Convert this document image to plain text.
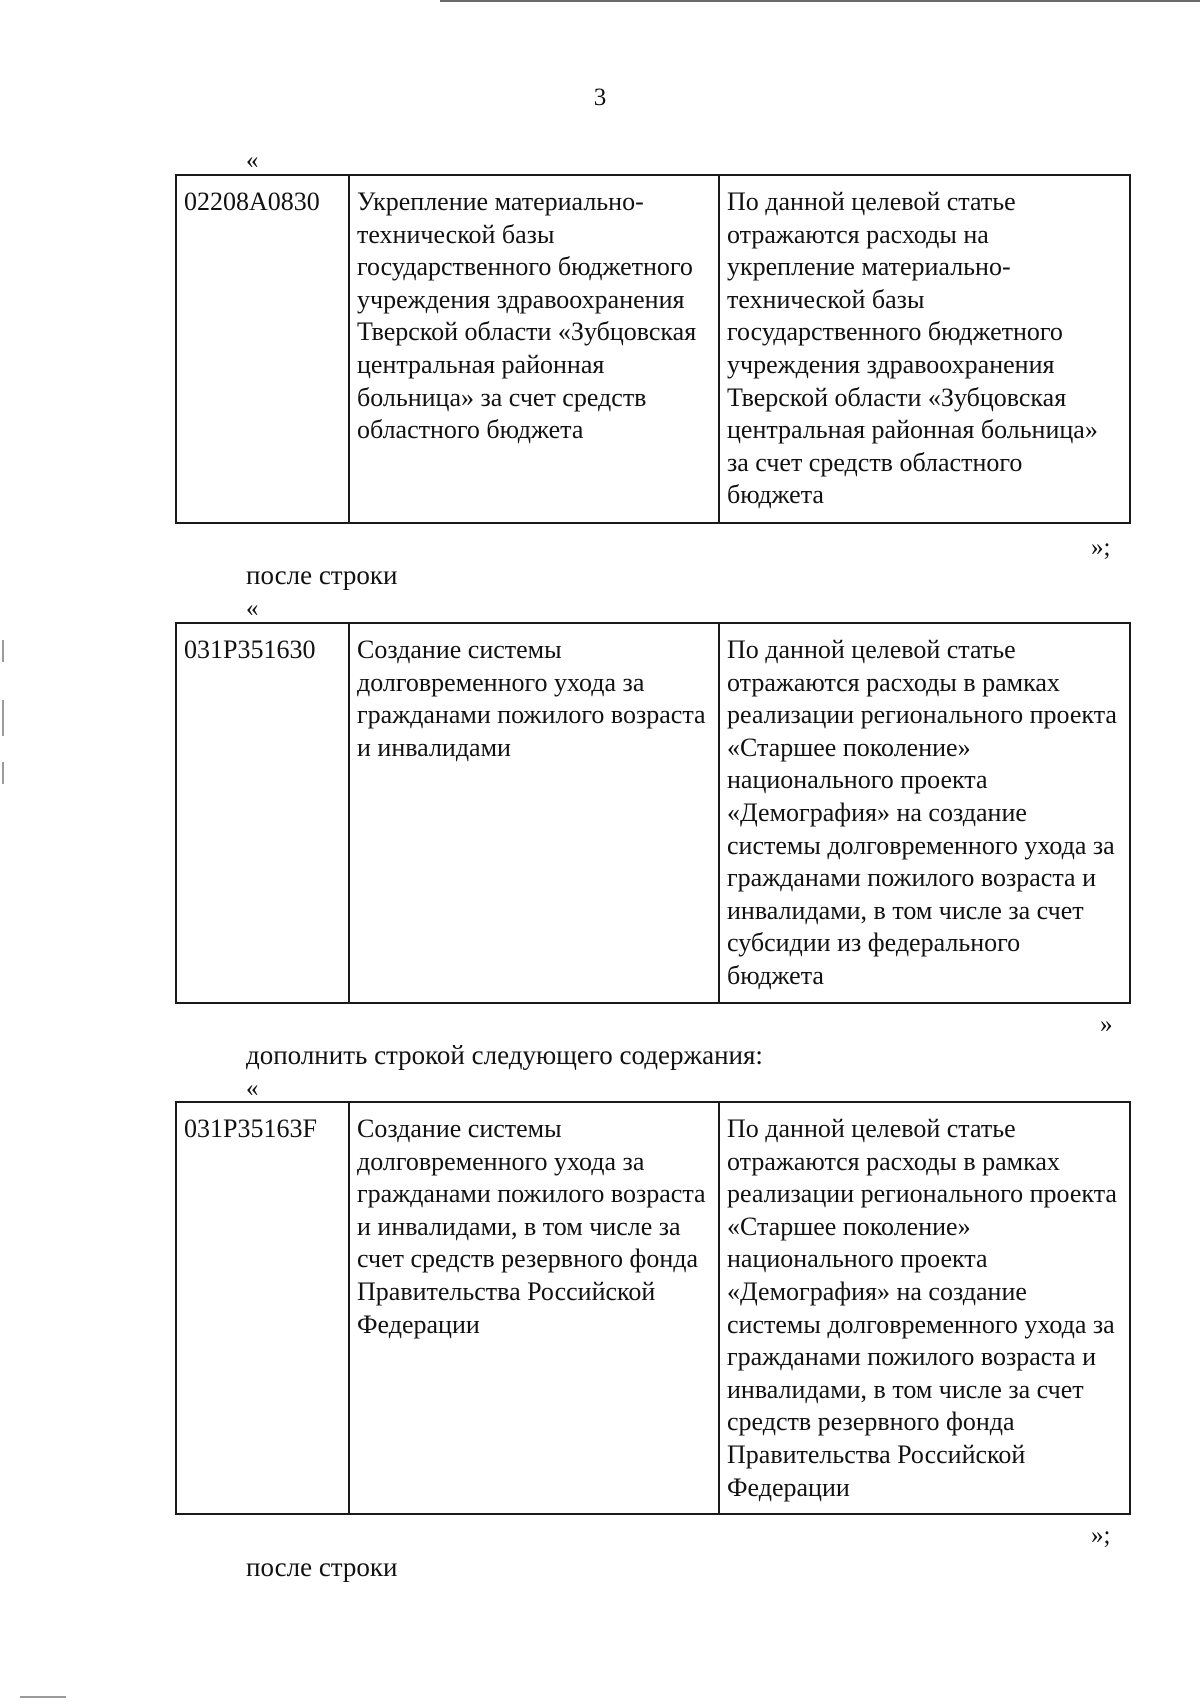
3
«
02208A0830	Укрепление материально-технической базы государственного бюджетного учреждения здравоохранения Тверской области «Зубцовская центральная районная больница» за счет средств областного бюджета	По данной целевой статье отражаются расходы на укрепление материально-технической базы государственного бюджетного учреждения здравоохранения Тверской области «Зубцовская центральная районная больница» за счет средств областного бюджета
»;
после строки
«
031P351630	Создание системы долговременного ухода за гражданами пожилого возраста и инвалидами	По данной целевой статье отражаются расходы в рамках реализации регионального проекта «Старшее поколение» национального проекта «Демография» на создание системы долговременного ухода за гражданами пожилого возраста и инвалидами, в том числе за счет субсидии из федерального бюджета
»
дополнить строкой следующего содержания:
«
031P35163F	Создание системы долговременного ухода за гражданами пожилого возраста и инвалидами, в том числе за счет средств резервного фонда Правительства Российской Федерации	По данной целевой статье отражаются расходы в рамках реализации регионального проекта «Старшее поколение» национального проекта «Демография» на создание системы долговременного ухода за гражданами пожилого возраста и инвалидами, в том числе за счет средств резервного фонда Правительства Российской Федерации
»;
после строки
